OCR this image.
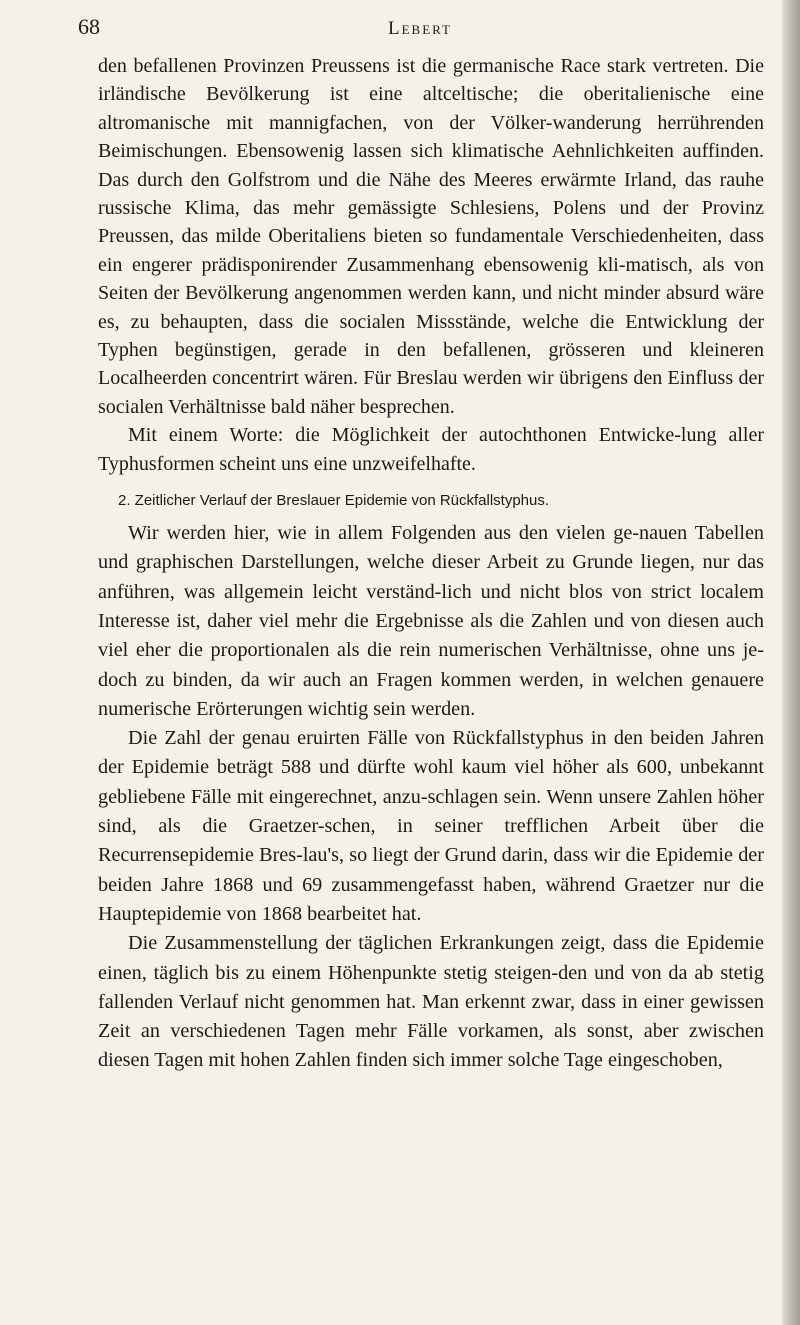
68	Lebert

den befallenen Provinzen Preussens ist die germanische Race stark vertreten. Die irländische Bevölkerung ist eine altceltische; die oberitalienische eine altromanische mit mannigfachen, von der Völker-wanderung herrührenden Beimischungen. Ebensowenig lassen sich klimatische Aehnlichkeiten auffinden. Das durch den Golfstrom und die Nähe des Meeres erwärmte Irland, das rauhe russische Klima, das mehr gemässigte Schlesiens, Polens und der Provinz Preussen, das milde Oberitaliens bieten so fundamentale Verschiedenheiten, dass ein engerer prädisponirender Zusammenhang ebensowenig kli-matisch, als von Seiten der Bevölkerung angenommen werden kann, und nicht minder absurd wäre es, zu behaupten, dass die socialen Missstände, welche die Entwicklung der Typhen begünstigen, gerade in den befallenen, grösseren und kleineren Localheerden concentrirt wären. Für Breslau werden wir übrigens den Einfluss der socialen Verhältnisse bald näher besprechen.

Mit einem Worte: die Möglichkeit der autochthonen Entwicke-lung aller Typhusformen scheint uns eine unzweifelhafte.

2. Zeitlicher Verlauf der Breslauer Epidemie von Rückfallstyphus.

Wir werden hier, wie in allem Folgenden aus den vielen ge-nauen Tabellen und graphischen Darstellungen, welche dieser Arbeit zu Grunde liegen, nur das anführen, was allgemein leicht verständ-lich und nicht blos von strict localem Interesse ist, daher viel mehr die Ergebnisse als die Zahlen und von diesen auch viel eher die proportionalen als die rein numerischen Verhältnisse, ohne uns je-doch zu binden, da wir auch an Fragen kommen werden, in welchen genauere numerische Erörterungen wichtig sein werden.

Die Zahl der genau eruirten Fälle von Rückfallstyphus in den beiden Jahren der Epidemie beträgt 588 und dürfte wohl kaum viel höher als 600, unbekannt gebliebene Fälle mit eingerechnet, anzu-schlagen sein. Wenn unsere Zahlen höher sind, als die Graetzer-schen, in seiner trefflichen Arbeit über die Recurrensepidemie Bres-lau's, so liegt der Grund darin, dass wir die Epidemie der beiden Jahre 1868 und 69 zusammengefasst haben, während Graetzer nur die Hauptepidemie von 1868 bearbeitet hat.

Die Zusammenstellung der täglichen Erkrankungen zeigt, dass die Epidemie einen, täglich bis zu einem Höhenpunkte stetig steigen-den und von da ab stetig fallenden Verlauf nicht genommen hat. Man erkennt zwar, dass in einer gewissen Zeit an verschiedenen Tagen mehr Fälle vorkamen, als sonst, aber zwischen diesen Tagen mit hohen Zahlen finden sich immer solche Tage eingeschoben,
